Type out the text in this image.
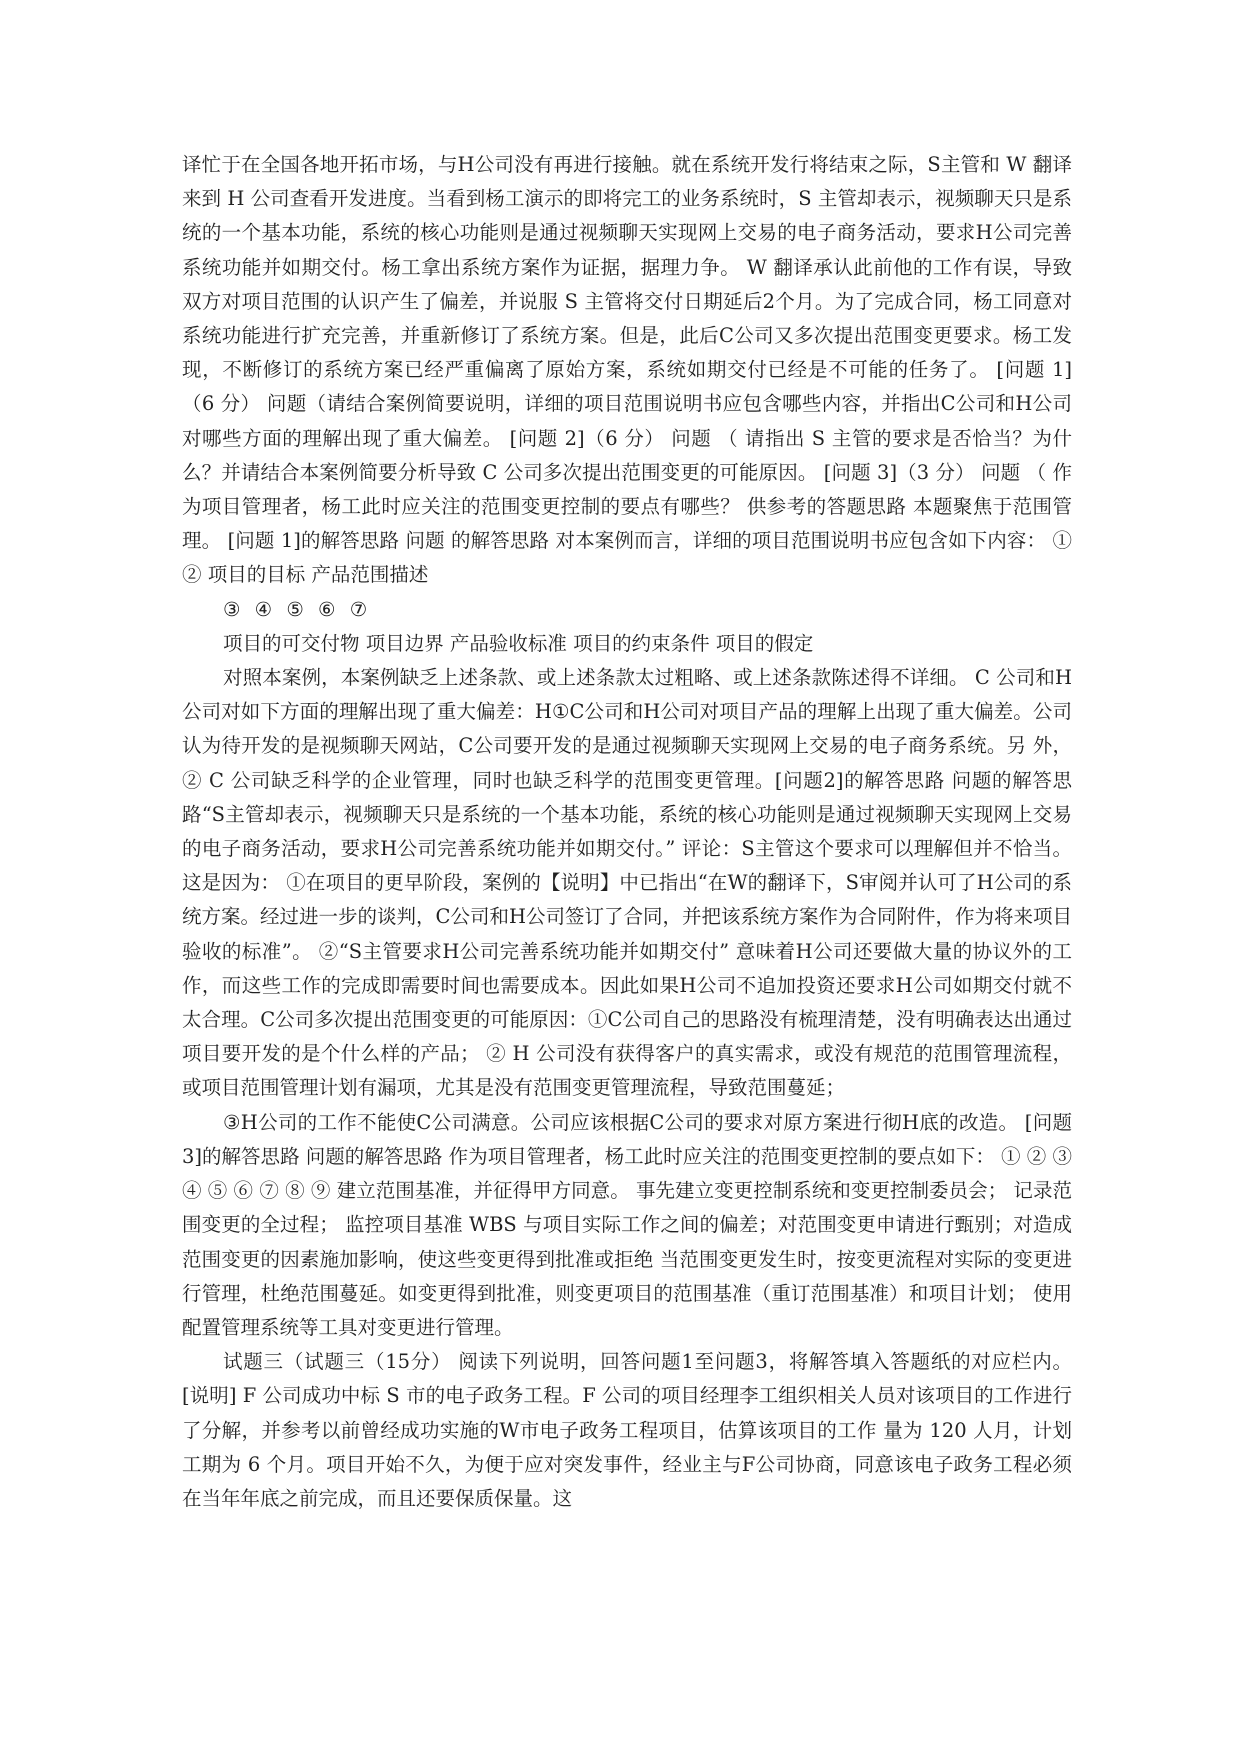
译忙于在全国各地开拓市场，与H公司没有再进行接触。就在系统开发行将结束之际，S主管和 W 翻译来到 H 公司查看开发进度。当看到杨工演示的即将完工的业务系统时，S 主管却表示，视频聊天只是系统的一个基本功能，系统的核心功能则是通过视频聊天实现网上交易的电子商务活动，要求H公司完善系统功能并如期交付。杨工拿出系统方案作为证据，据理力争。 W 翻译承认此前他的工作有误，导致双方对项目范围的认识产生了偏差，并说服 S 主管将交付日期延后2个月。为了完成合同，杨工同意对系统功能进行扩充完善，并重新修订了系统方案。但是，此后C公司又多次提出范围变更要求。杨工发现，不断修订的系统方案已经严重偏离了原始方案，系统如期交付已经是不可能的任务了。 [问题 1]（6 分） 问题（请结合案例简要说明，详细的项目范围说明书应包含哪些内容，并指出C公司和H公司对哪些方面的理解出现了重大偏差。 [问题 2]（6 分） 问题 （ 请指出 S 主管的要求是否恰当？为什么？并请结合本案例简要分析导致 C 公司多次提出范围变更的可能原因。 [问题 3]（3 分） 问题 （ 作为项目管理者，杨工此时应关注的范围变更控制的要点有哪些？ 供参考的答题思路 本题聚焦于范围管理。 [问题 1]的解答思路 问题 的解答思路 对本案例而言，详细的项目范围说明书应包含如下内容： ① ② 项目的目标 产品范围描述

③ ④ ⑤ ⑥ ⑦

项目的可交付物 项目边界 产品验收标准 项目的约束条件 项目的假定

对照本案例，本案例缺乏上述条款、或上述条款太过粗略、或上述条款陈述得不详细。 C 公司和H公司对如下方面的理解出现了重大偏差：H①C公司和H公司对项目产品的理解上出现了重大偏差。公司认为待开发的是视频聊天网站，C公司要开发的是通过视频聊天实现网上交易的电子商务系统。另 外， ② C 公司缺乏科学的企业管理，同时也缺乏科学的范围变更管理。[问题2]的解答思路 问题的解答思路“S主管却表示，视频聊天只是系统的一个基本功能，系统的核心功能则是通过视频聊天实现网上交易的电子商务活动，要求H公司完善系统功能并如期交付。” 评论：S主管这个要求可以理解但并不恰当。这是因为： ①在项目的更早阶段，案例的【说明】中已指出“在W的翻译下，S审阅并认可了H公司的系统方案。经过进一步的谈判，C公司和H公司签订了合同，并把该系统方案作为合同附件，作为将来项目验收的标准”。 ②“S主管要求H公司完善系统功能并如期交付” 意味着H公司还要做大量的协议外的工作，而这些工作的完成即需要时间也需要成本。因此如果H公司不追加投资还要求H公司如期交付就不太合理。C公司多次提出范围变更的可能原因：①C公司自己的思路没有梳理清楚，没有明确表达出通过项目要开发的是个什么样的产品； ② H 公司没有获得客户的真实需求，或没有规范的范围管理流程，或项目范围管理计划有漏项，尤其是没有范围变更管理流程，导致范围蔓延；

③H公司的工作不能使C公司满意。公司应该根据C公司的要求对原方案进行彻H底的改造。 [问题3]的解答思路 问题的解答思路 作为项目管理者，杨工此时应关注的范围变更控制的要点如下： ① ② ③ ④ ⑤ ⑥ ⑦ ⑧ ⑨ 建立范围基准，并征得甲方同意。 事先建立变更控制系统和变更控制委员会； 记录范围变更的全过程； 监控项目基准 WBS 与项目实际工作之间的偏差；对范围变更申请进行甄别；对造成范围变更的因素施加影响，使这些变更得到批准或拒绝 当范围变更发生时，按变更流程对实际的变更进行管理，杜绝范围蔓延。如变更得到批准，则变更项目的范围基准（重订范围基准）和项目计划； 使用配置管理系统等工具对变更进行管理。

试题三（试题三（15分） 阅读下列说明，回答问题1至问题3，将解答填入答题纸的对应栏内。 [说明] F 公司成功中标 S 市的电子政务工程。F 公司的项目经理李工组织相关人员对该项目的工作进行了分解，并参考以前曾经成功实施的W市电子政务工程项目，估算该项目的工作 量为 120 人月，计划工期为 6 个月。项目开始不久，为便于应对突发事件，经业主与F公司协商，同意该电子政务工程必须在当年年底之前完成，而且还要保质保量。这
